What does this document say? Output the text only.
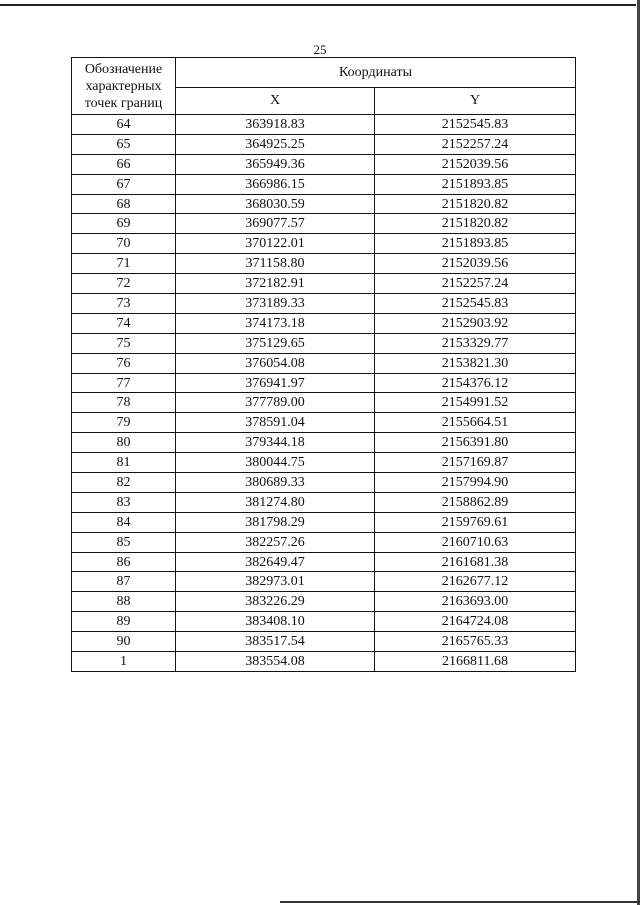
25
Обозначение характерных точек границ	Координаты	
	X	Y
64	363918.83	2152545.83
65	364925.25	2152257.24
66	365949.36	2152039.56
67	366986.15	2151893.85
68	368030.59	2151820.82
69	369077.57	2151820.82
70	370122.01	2151893.85
71	371158.80	2152039.56
72	372182.91	2152257.24
73	373189.33	2152545.83
74	374173.18	2152903.92
75	375129.65	2153329.77
76	376054.08	2153821.30
77	376941.97	2154376.12
78	377789.00	2154991.52
79	378591.04	2155664.51
80	379344.18	2156391.80
81	380044.75	2157169.87
82	380689.33	2157994.90
83	381274.80	2158862.89
84	381798.29	2159769.61
85	382257.26	2160710.63
86	382649.47	2161681.38
87	382973.01	2162677.12
88	383226.29	2163693.00
89	383408.10	2164724.08
90	383517.54	2165765.33
1	383554.08	2166811.68
